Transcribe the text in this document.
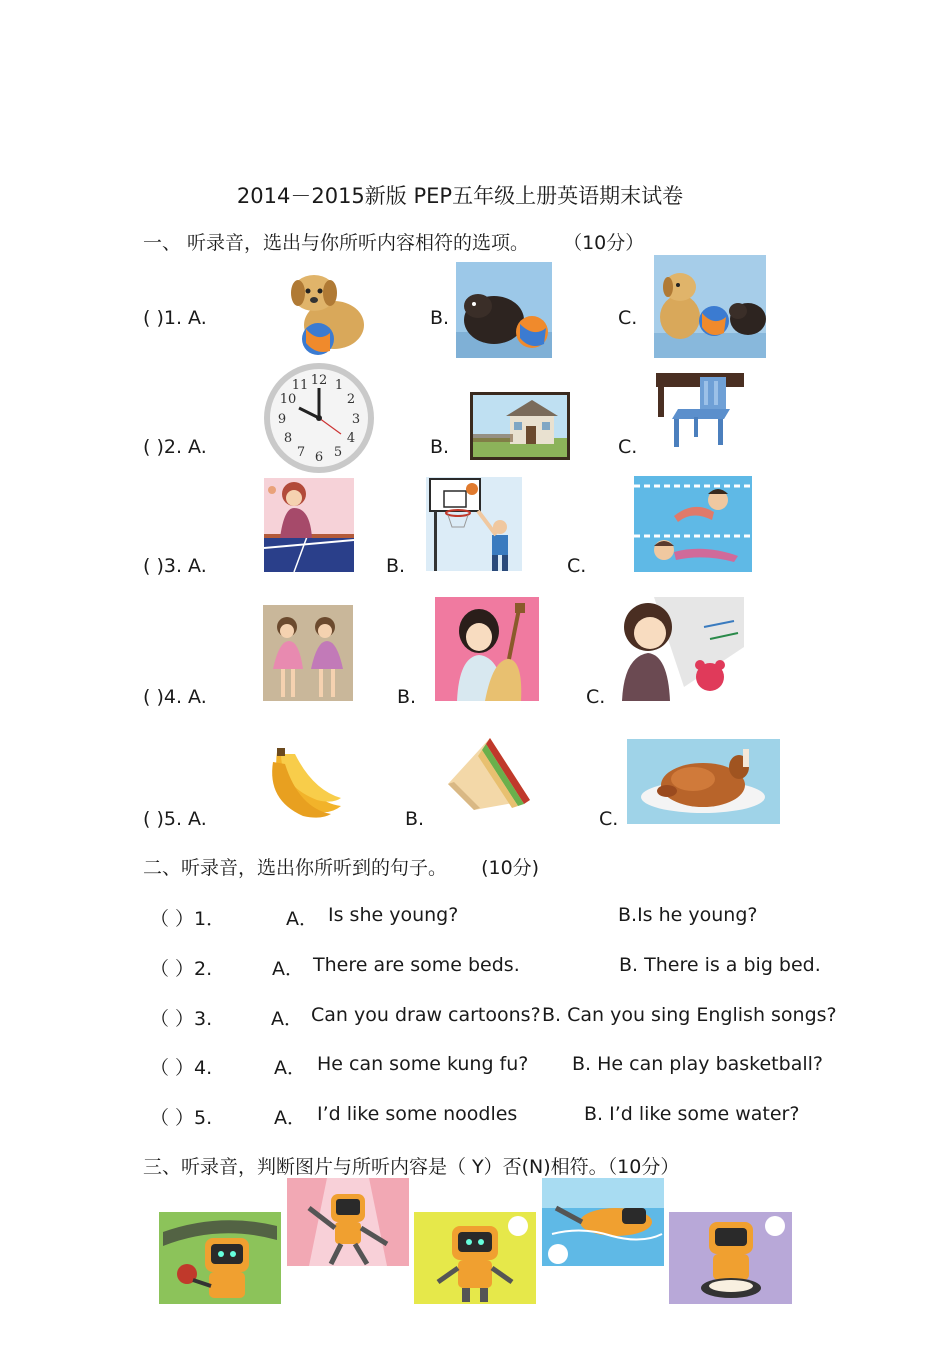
2014－2015新版 PEP五年级上册英语期末试卷
一、 听录音，选出与你所听内容相符的选项。 （10分）
( )1. A.	B.	C.
( )2. A.	B.	C.
12
3
6
9
10	2
4
8
7 5
1
11
( )3. A.	B.	C.
( )4. A.	B.	C.
( )5. A.	B.	C.
二、听录音，选出你所听到的句子。 (10分)
（ ）1．	A． Is she young?	B.Is he young?
（ ）2.	A． There are some beds.	B. There is a big bed.
（ ）3.	A． Can you draw cartoons? B. Can you sing English songs?
（ ）4.	A． He can some kung fu? B. He can play basketball?
（ ）5.	A． I’d like some noodles	B. I’d like some water?
三、听录音，判断图片与所听内容是（ Y）否(N)相符。（10分）
